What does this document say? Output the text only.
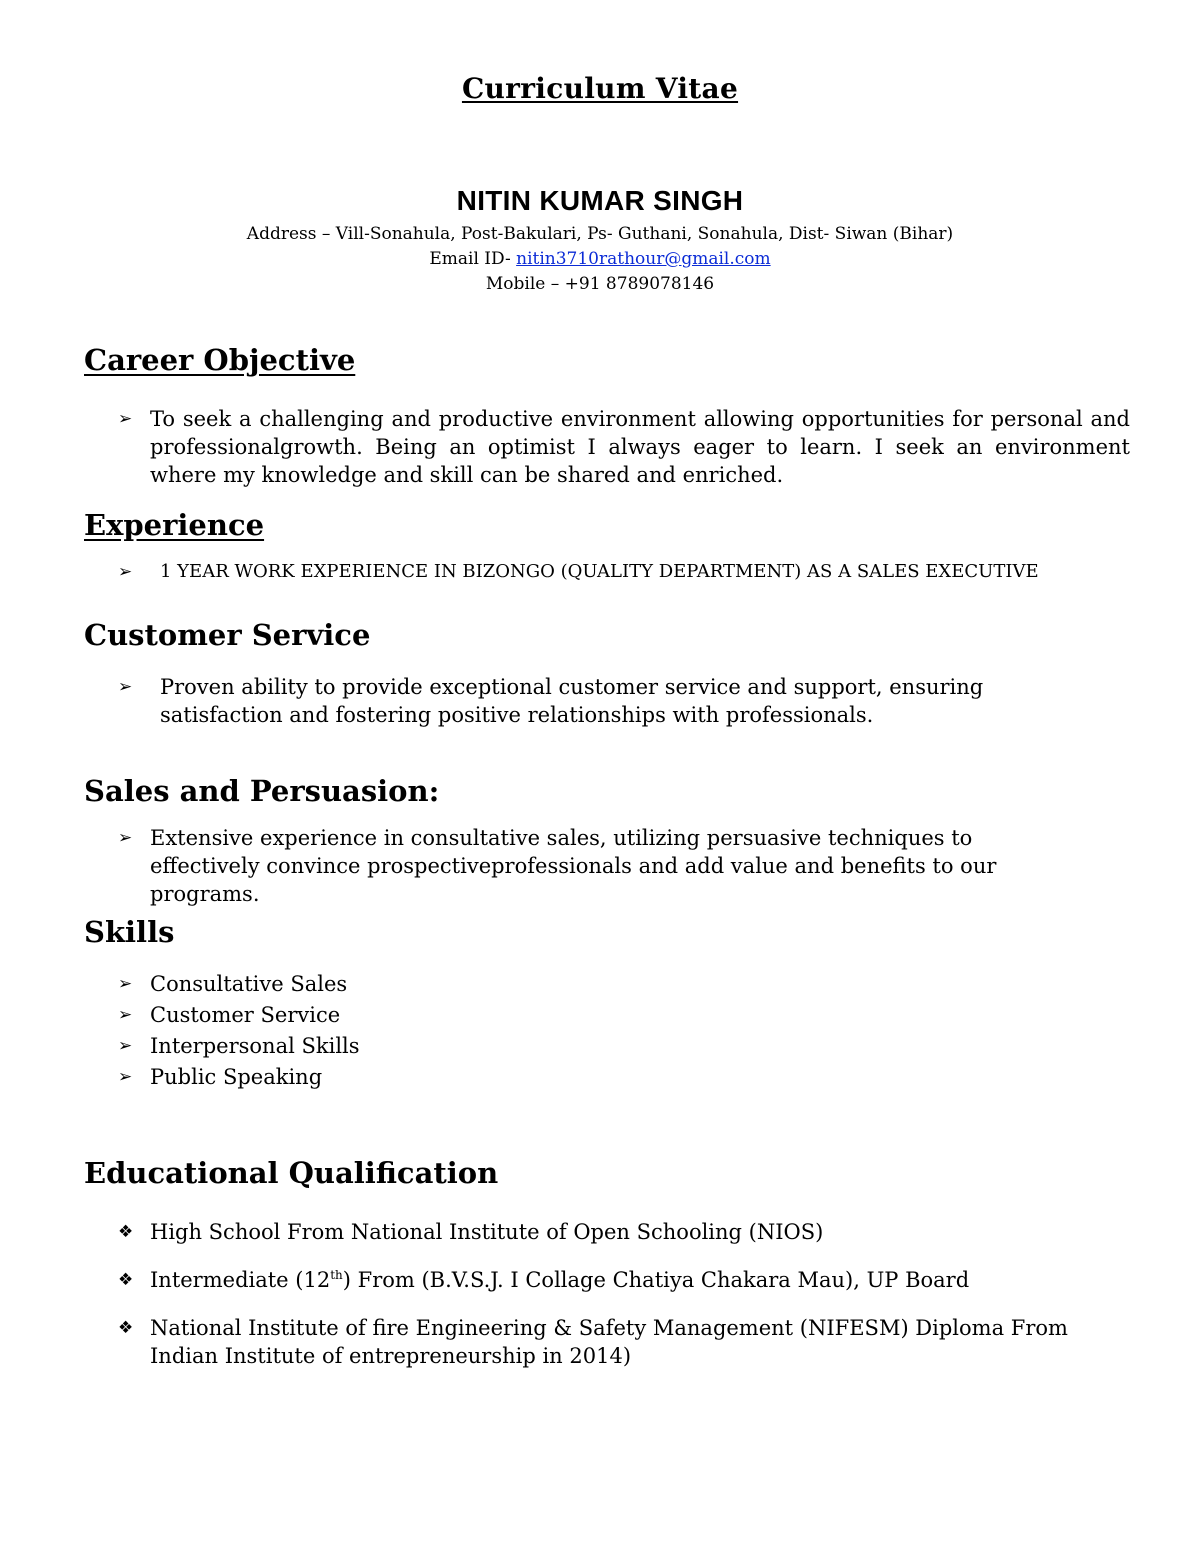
Curriculum Vitae
NITIN KUMAR SINGH
Address – Vill-Sonahula, Post-Bakulari, Ps- Guthani, Sonahula, Dist- Siwan (Bihar)
Email ID- nitin3710rathour@gmail.com
Mobile – +91 8789078146
Career Objective
➢ To seek a challenging and productive environment allowing opportunities for personal and professionalgrowth. Being an optimist I always eager to learn. I seek an environment where my knowledge and skill can be shared and enriched.
Experience
➢	1 YEAR WORK EXPERIENCE IN BIZONGO (QUALITY DEPARTMENT) AS A SALES EXECUTIVE
Customer Service
➢	Proven ability to provide exceptional customer service and support, ensuring satisfaction and fostering positive relationships with professionals.
Sales and Persuasion:
➢ Extensive experience in consultative sales, utilizing persuasive techniques to effectively convince prospectiveprofessionals and add value and benefits to our programs.
Skills
➢ Consultative Sales
➢ Customer Service
➢ Interpersonal Skills
➢ Public Speaking
Educational Qualification
❖ High School From National Institute of Open Schooling (NIOS)
❖ Intermediate (12th) From (B.V.S.J. I Collage Chatiya Chakara Mau), UP Board
❖ National Institute of fire Engineering & Safety Management (NIFESM) Diploma From Indian Institute of entrepreneurship in 2014)
